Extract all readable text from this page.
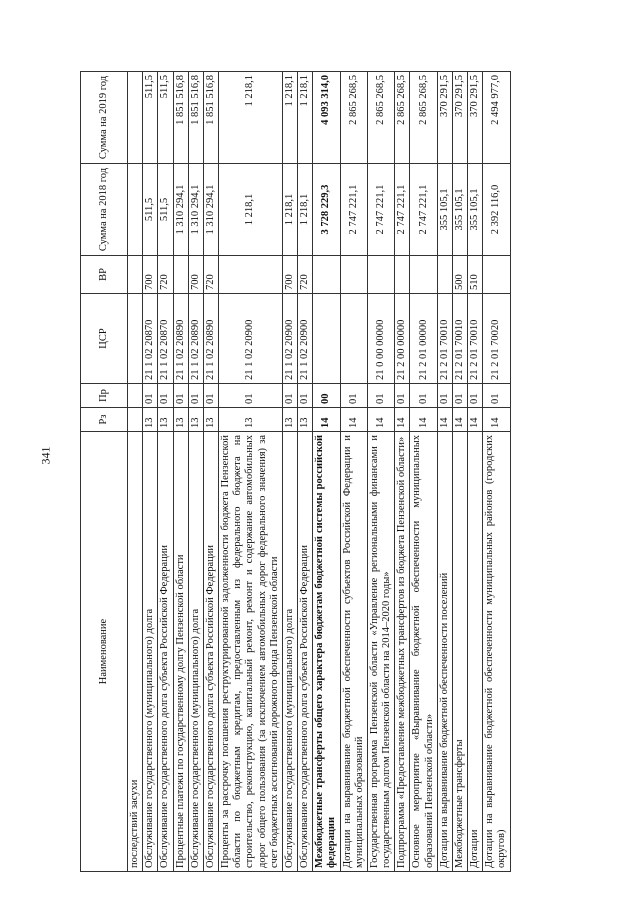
341
Наименование	Рз	Пр	ЦСР	ВР	Сумма на 2018 год	Сумма на 2019 год
последствий засухи						
Обслуживание государственного (муниципального) долга	13	01	21 1 02 20870	700	511,5	511,5
Обслуживание государственного долга субъекта Российской Федерации	13	01	21 1 02 20870	720	511,5	511,5
Процентные платежи по государственному долгу Пензенской области	13	01	21 1 02 20890		1 310 294,1	1 851 516,8
Обслуживание государственного (муниципального) долга	13	01	21 1 02 20890	700	1 310 294,1	1 851 516,8
Обслуживание государственного долга субъекта Российской Федерации	13	01	21 1 02 20890	720	1 310 294,1	1 851 516,8
Проценты за рассрочку погашения реструктурированной задолженности бюджета Пензенской области по бюджетным кредитам, предоставленным из федерального бюджета на строительство, реконструкцию, капитальный ремонт, ремонт и содержание автомобильных дорог общего пользования (за исключением автомобильных дорог федерального значения) за счет бюджетных ассигнований дорожного фонда Пензенской области	13	01	21 1 02 20900		1 218,1	1 218,1
Обслуживание государственного (муниципального) долга	13	01	21 1 02 20900	700	1 218,1	1 218,1
Обслуживание государственного долга субъекта Российской Федерации	13	01	21 1 02 20900	720	1 218,1	1 218,1
Межбюджетные трансферты общего характера бюджетам бюджетной системы российской федерации	14	00			3 728 229,3	4 093 314,0
Дотации на выравнивание бюджетной обеспеченности субъектов Российской Федерации и муниципальных образований	14	01			2 747 221,1	2 865 268,5
Государственная программа Пензенской области «Управление региональными финансами и государственным долгом Пензенской области на 2014–2020 годы»	14	01	21 0 00 00000		2 747 221,1	2 865 268,5
Подпрограмма «Предоставление межбюджетных трансфертов из бюджета Пензенской области»	14	01	21 2 00 00000		2 747 221,1	2 865 268,5
Основное мероприятие «Выравнивание бюджетной обеспеченности муниципальных образований Пензенской области»	14	01	21 2 01 00000		2 747 221,1	2 865 268,5
Дотации на выравнивание бюджетной обеспеченности поселений	14	01	21 2 01 70010		355 105,1	370 291,5
Межбюджетные трансферты	14	01	21 2 01 70010	500	355 105,1	370 291,5
Дотации	14	01	21 2 01 70010	510	355 105,1	370 291,5
Дотации на выравнивание бюджетной обеспеченности муниципальных районов (городских округов)	14	01	21 2 01 70020		2 392 116,0	2 494 977,0
